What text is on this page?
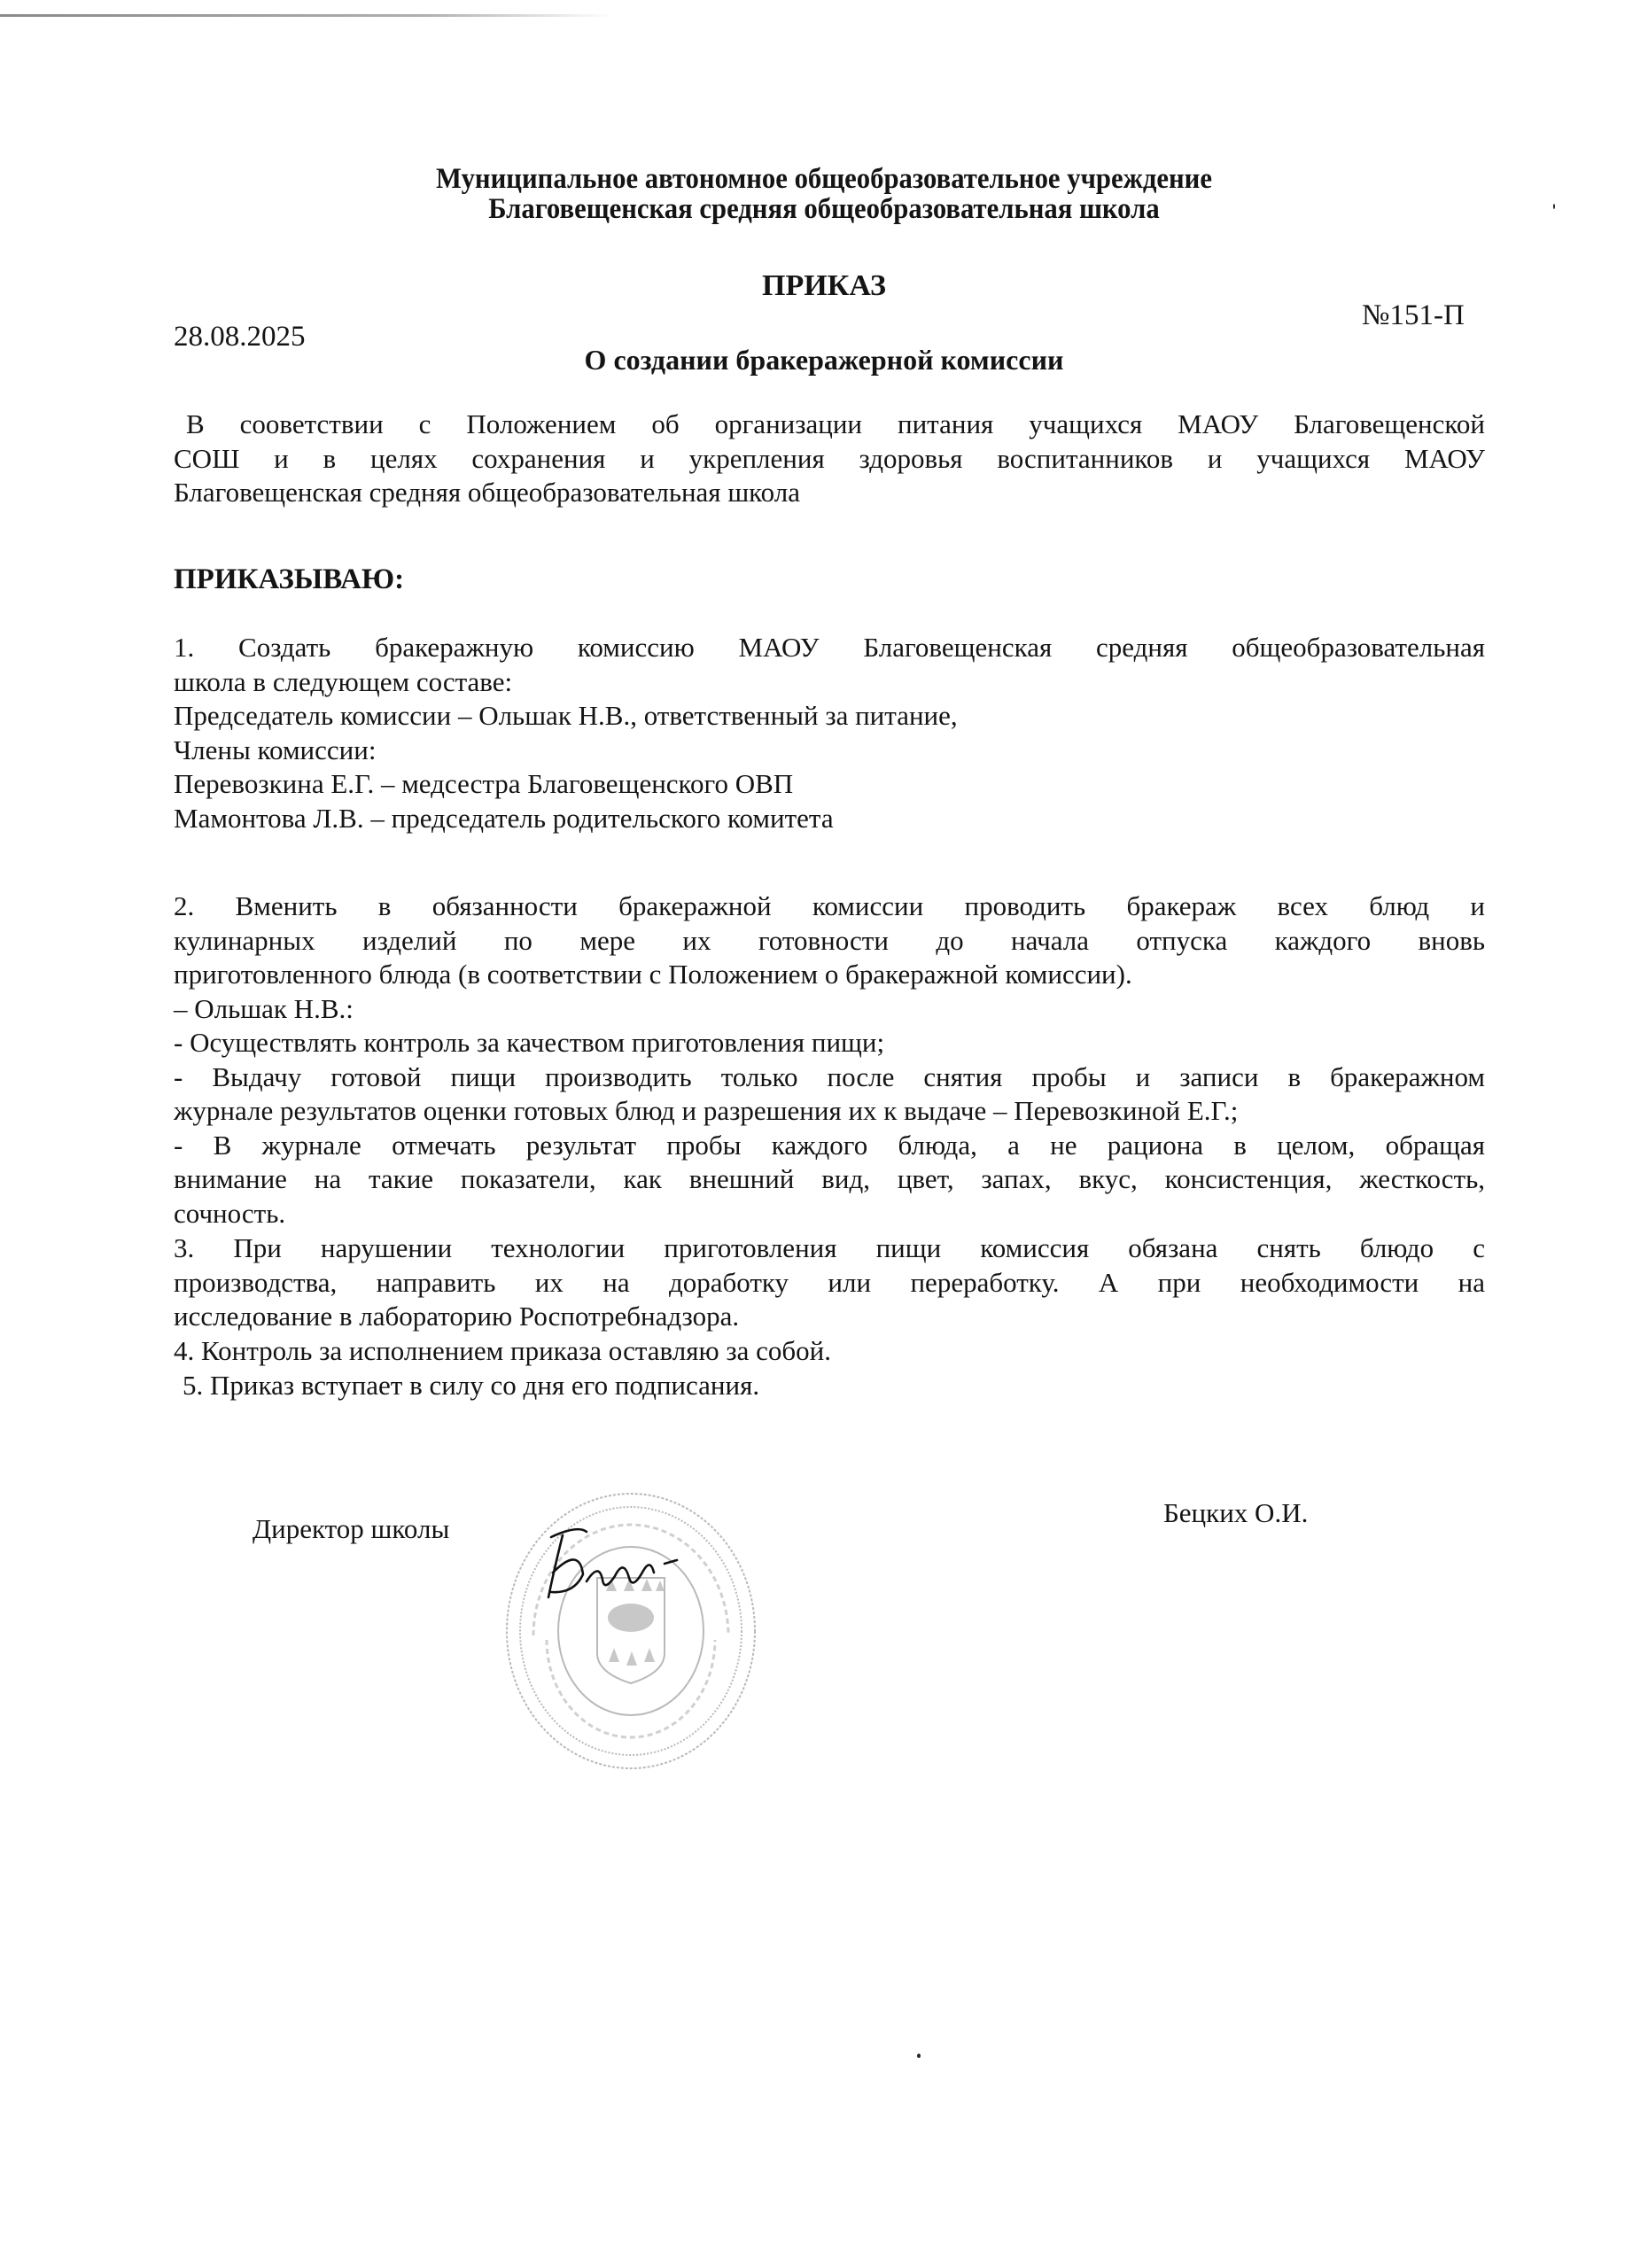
Муниципальное автономное общеобразовательное учреждение
Благовещенская средняя общеобразовательная школа
ПРИКАЗ
№151-П
28.08.2025
О создании бракеражерной комиссии
В сооветствии с Положением об организации питания учащихся МАОУ Благовещенской
СОШ и в целях сохранения и укрепления здоровья воспитанников и учащихся МАОУ
Благовещенская средняя общеобразовательная школа
ПРИКАЗЫВАЮ:
1. Создать бракеражную комиссию МАОУ Благовещенская средняя общеобразовательная
школа в следующем составе:
Председатель комиссии – Ольшак Н.В., ответственный за питание,
Члены комиссии:
Перевозкина Е.Г. – медсестра Благовещенского ОВП
Мамонтова Л.В. – председатель родительского комитета
2. Вменить в обязанности бракеражной комиссии проводить бракераж всех блюд и
кулинарных изделий по мере их готовности до начала отпуска каждого вновь
приготовленного блюда (в соответствии с Положением о бракеражной комиссии).
– Ольшак Н.В.:
- Осуществлять контроль за качеством приготовления пищи;
- Выдачу готовой пищи производить только после снятия пробы и записи в бракеражном
журнале результатов оценки готовых блюд и разрешения их к выдаче – Перевозкиной Е.Г.;
- В журнале отмечать результат пробы каждого блюда, а не рациона в целом, обращая
внимание на такие показатели, как внешний вид, цвет, запах, вкус, консистенция, жесткость,
сочность.
3. При нарушении технологии приготовления пищи комиссия обязана снять блюдо с
производства, направить их на доработку или переработку. А при необходимости на
исследование в лабораторию Роспотребнадзора.
4. Контроль за исполнением приказа оставляю за собой.
5. Приказ вступает в силу со дня его подписания.
Директор школы
Бецких О.И.
